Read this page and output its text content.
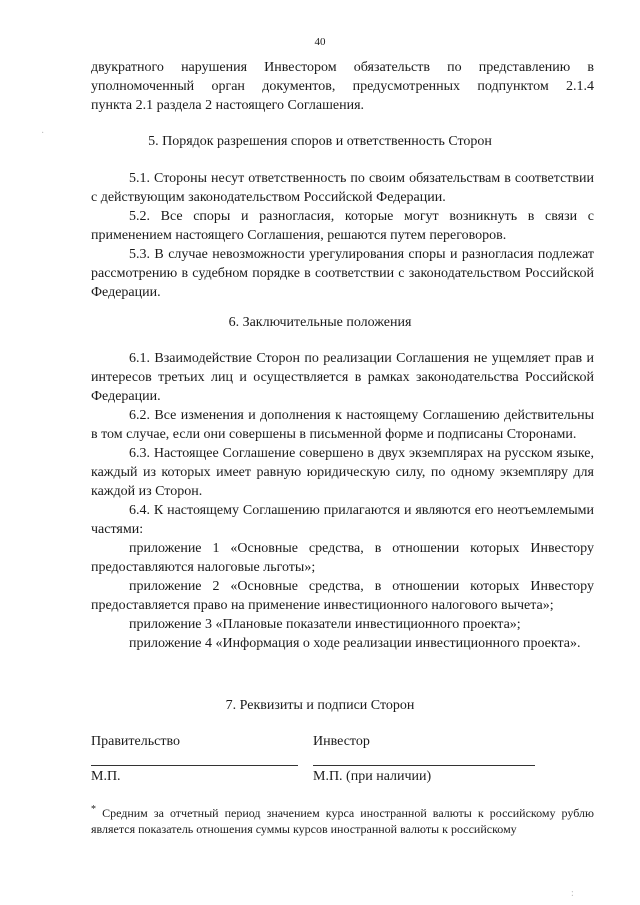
40
·
двукратного нарушения Инвестором обязательств по представлению в
уполномоченный орган документов, предусмотренных подпунктом 2.1.4
пункта 2.1 раздела 2 настоящего Соглашения.
5. Порядок разрешения споров и ответственность Сторон

5.1. Стороны несут ответственность по своим обязательствам в соответствии с действующим законодательством Российской Федерации.

5.2. Все споры и разногласия, которые могут возникнуть в связи с применением настоящего Соглашения, решаются путем переговоров.

5.3. В случае невозможности урегулирования споры и разногласия подлежат рассмотрению в судебном порядке в соответствии с законодательством Российской Федерации.

6. Заключительные положения

6.1. Взаимодействие Сторон по реализации Соглашения не ущемляет прав и интересов третьих лиц и осуществляется в рамках законодательства Российской Федерации.

6.2. Все изменения и дополнения к настоящему Соглашению действительны в том случае, если они совершены в письменной форме и подписаны Сторонами.

6.3. Настоящее Соглашение совершено в двух экземплярах на русском языке, каждый из которых имеет равную юридическую силу, по одному экземпляру для каждой из Сторон.

6.4. К настоящему Соглашению прилагаются и являются его неотъемлемыми частями:

приложение 1 «Основные средства, в отношении которых Инвестору предоставляются налоговые льготы»;

приложение 2 «Основные средства, в отношении которых Инвестору предоставляется право на применение инвестиционного налогового вычета»;

приложение 3 «Плановые показатели инвестиционного проекта»;

приложение 4 «Информация о ходе реализации инвестиционного проекта».

7. Реквизиты и подписи Сторон
Правительство	Инвестор
М.П.	М.П. (при наличии)
* Средним за отчетный период значением курса иностранной валюты к российскому рублю является показатель отношения суммы курсов иностранной валюты к российскому
:
